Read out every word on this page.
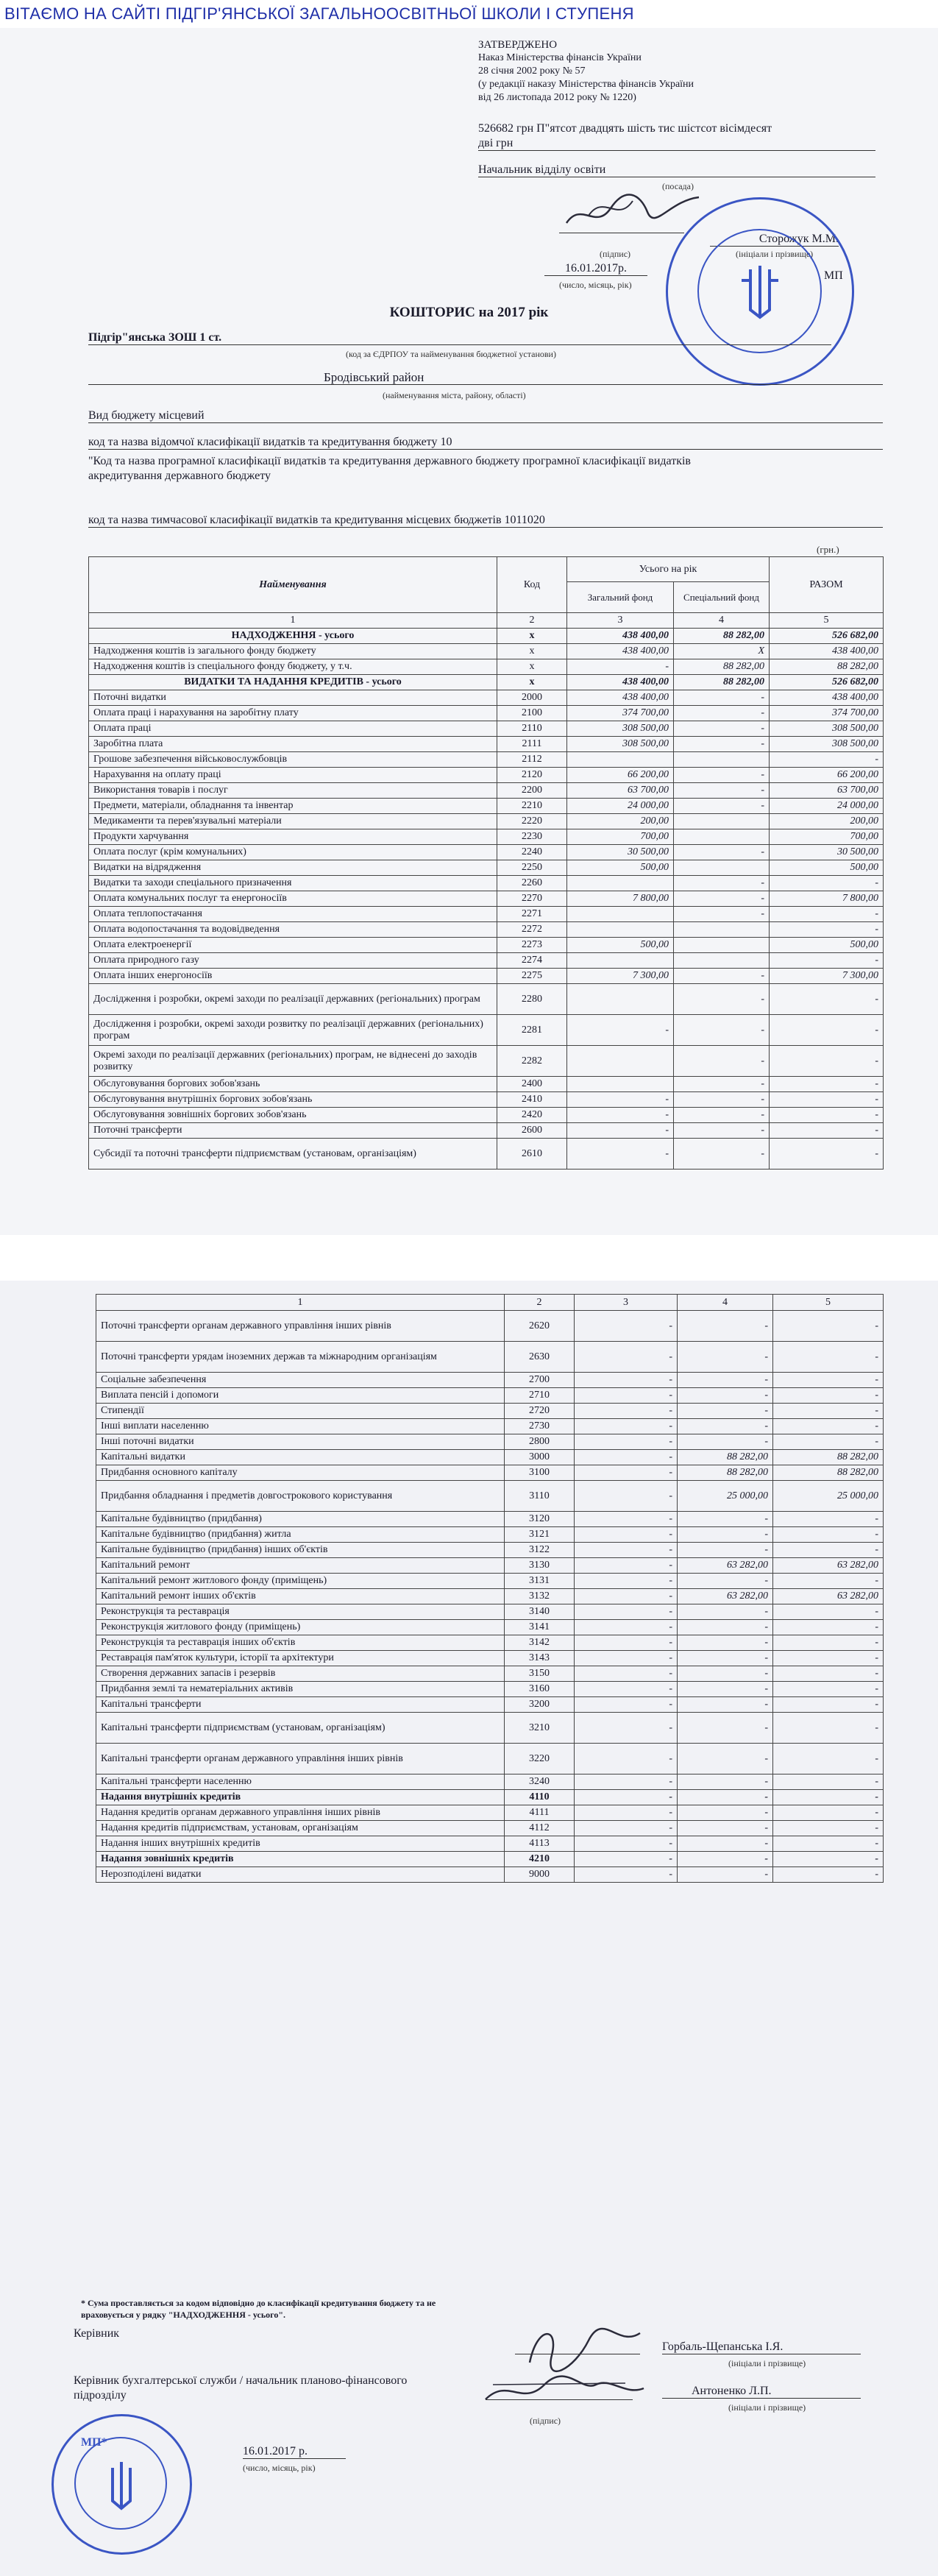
ВІТАЄМО НА САЙТІ ПІДГІР'ЯНСЬКОЇ ЗАГАЛЬНООСВІТНЬОЇ ШКОЛИ І СТУПЕНЯ
ЗАТВЕРДЖЕНО
Наказ Міністерства фінансів України
28 січня 2002 року № 57
(у редакції наказу Міністерства фінансів України
від 26 листопада 2012 року № 1220)
526682 грн П"ятсот двадцять шість тис шістсот вісімдесят
дві грн
Начальник відділу освіти
(посада)
(підпис)
Сторожук М.М.
(ініціали і прізвище)
16.01.2017р.
(число, місяць, рік)
МП
КОШТОРИС на 2017 рік
Підгір"янська ЗОШ 1 ст.
(код за ЄДРПОУ та найменування бюджетної установи)
Бродівський район
(найменування міста, району, області)
Вид бюджету місцевий
код та назва відомчої класифікації видатків та кредитування бюджету 10
"Код та назва програмної класифікації видатків та кредитування державного бюджету програмної класифікації видатків
акредитування державного бюджету
код та назва тимчасової класифікації видатків та кредитування місцевих бюджетів 1011020
(грн.)
Найменування	Код	Усього на рік		РАЗОМ
		Загальний фонд	Спеціальний фонд	
1	2	3	4	5
НАДХОДЖЕННЯ - усього	х	438 400,00	88 282,00	526 682,00
Надходження коштів із загального фонду бюджету	х	438 400,00	Х	438 400,00
Надходження коштів із спеціального фонду бюджету, у т.ч.	х	-	88 282,00	88 282,00
ВИДАТКИ ТА НАДАННЯ КРЕДИТІВ - усього	х	438 400,00	88 282,00	526 682,00
Поточні видатки	2000	438 400,00	-	438 400,00
Оплата праці і нарахування на заробітну плату	2100	374 700,00	-	374 700,00
Оплата праці	2110	308 500,00	-	308 500,00
Заробітна плата	2111	308 500,00	-	308 500,00
Грошове забезпечення військовослужбовців	2112			-
Нарахування на оплату праці	2120	66 200,00	-	66 200,00
Використання товарів і послуг	2200	63 700,00	-	63 700,00
Предмети, матеріали, обладнання та інвентар	2210	24 000,00	-	24 000,00
Медикаменти та перев'язувальні матеріали	2220	200,00		200,00
Продукти харчування	2230	700,00		700,00
Оплата послуг (крім комунальних)	2240	30 500,00	-	30 500,00
Видатки на відрядження	2250	500,00		500,00
Видатки та заходи спеціального призначення	2260		-	-
Оплата комунальних послуг та енергоносіїв	2270	7 800,00	-	7 800,00
Оплата теплопостачання	2271		-	-
Оплата водопостачання та водовідведення	2272			-
Оплата електроенергії	2273	500,00		500,00
Оплата природного газу	2274			-
Оплата інших енергоносіїв	2275	7 300,00	-	7 300,00
Дослідження і розробки, окремі заходи по реалізації державних (регіональних) програм	2280		-	-
Дослідження і розробки, окремі заходи розвитку по реалізації державних (регіональних) програм	2281	-	-	-
Окремі заходи по реалізації державних (регіональних) програм, не віднесені до заходів розвитку	2282		-	-
Обслуговування боргових зобов'язань	2400		-	-
Обслуговування внутрішніх боргових зобов'язань	2410	-	-	-
Обслуговування зовнішніх боргових зобов'язань	2420	-	-	-
Поточні трансферти	2600	-	-	-
Субсидії та поточні трансферти підприємствам (установам, організаціям)	2610	-	-	-
1	2	3	4	5
Поточні трансферти органам державного управління інших рівнів	2620	-	-	-
Поточні трансферти урядам іноземних держав та міжнародним організаціям	2630	-	-	-
Соціальне забезпечення	2700	-	-	-
Виплата пенсій і допомоги	2710	-	-	-
Стипендії	2720	-	-	-
Інші виплати населенню	2730	-	-	-
Інші поточні видатки	2800	-	-	-
Капітальні видатки	3000	-	88 282,00	88 282,00
Придбання основного капіталу	3100	-	88 282,00	88 282,00
Придбання обладнання і предметів довгострокового користування	3110	-	25 000,00	25 000,00
Капітальне будівництво (придбання)	3120	-	-	-
Капітальне будівництво (придбання) житла	3121	-	-	-
Капітальне будівництво (придбання) інших об'єктів	3122	-	-	-
Капітальний ремонт	3130	-	63 282,00	63 282,00
Капітальний ремонт житлового фонду (приміщень)	3131	-	-	-
Капітальний ремонт інших об'єктів	3132	-	63 282,00	63 282,00
Реконструкція та реставрація	3140	-	-	-
Реконструкція житлового фонду (приміщень)	3141	-	-	-
Реконструкція та реставрація інших об'єктів	3142	-	-	-
Реставрація пам'яток культури, історії та архітектури	3143	-	-	-
Створення державних запасів і резервів	3150	-	-	-
Придбання землі та нематеріальних активів	3160	-	-	-
Капітальні трансферти	3200	-	-	-
Капітальні трансферти підприємствам (установам, організаціям)	3210	-	-	-
Капітальні трансферти органам державного управління інших рівнів	3220	-	-	-
Капітальні трансферти населенню	3240	-	-	-
Надання внутрішніх кредитів	4110	-	-	-
Надання кредитів органам державного управління інших рівнів	4111	-	-	-
Надання кредитів підприємствам, установам, організаціям	4112	-	-	-
Надання інших внутрішніх кредитів	4113	-	-	-
Надання зовнішніх кредитів	4210	-	-	-
Нерозподілені видатки	9000	-	-	-
* Сума проставляється за кодом відповідно до класифікації кредитування бюджету та не
враховується у рядку "НАДХОДЖЕННЯ - усього".
Керівник
Горбаль-Щепанська І.Я.
(ініціали і прізвище)
Керівник бухгалтерської служби / начальник планово-фінансового
підрозділу
(підпис)
Антоненко Л.П.
(ініціали і прізвище)
16.01.2017 р.
(число, місяць, рік)
МП*
